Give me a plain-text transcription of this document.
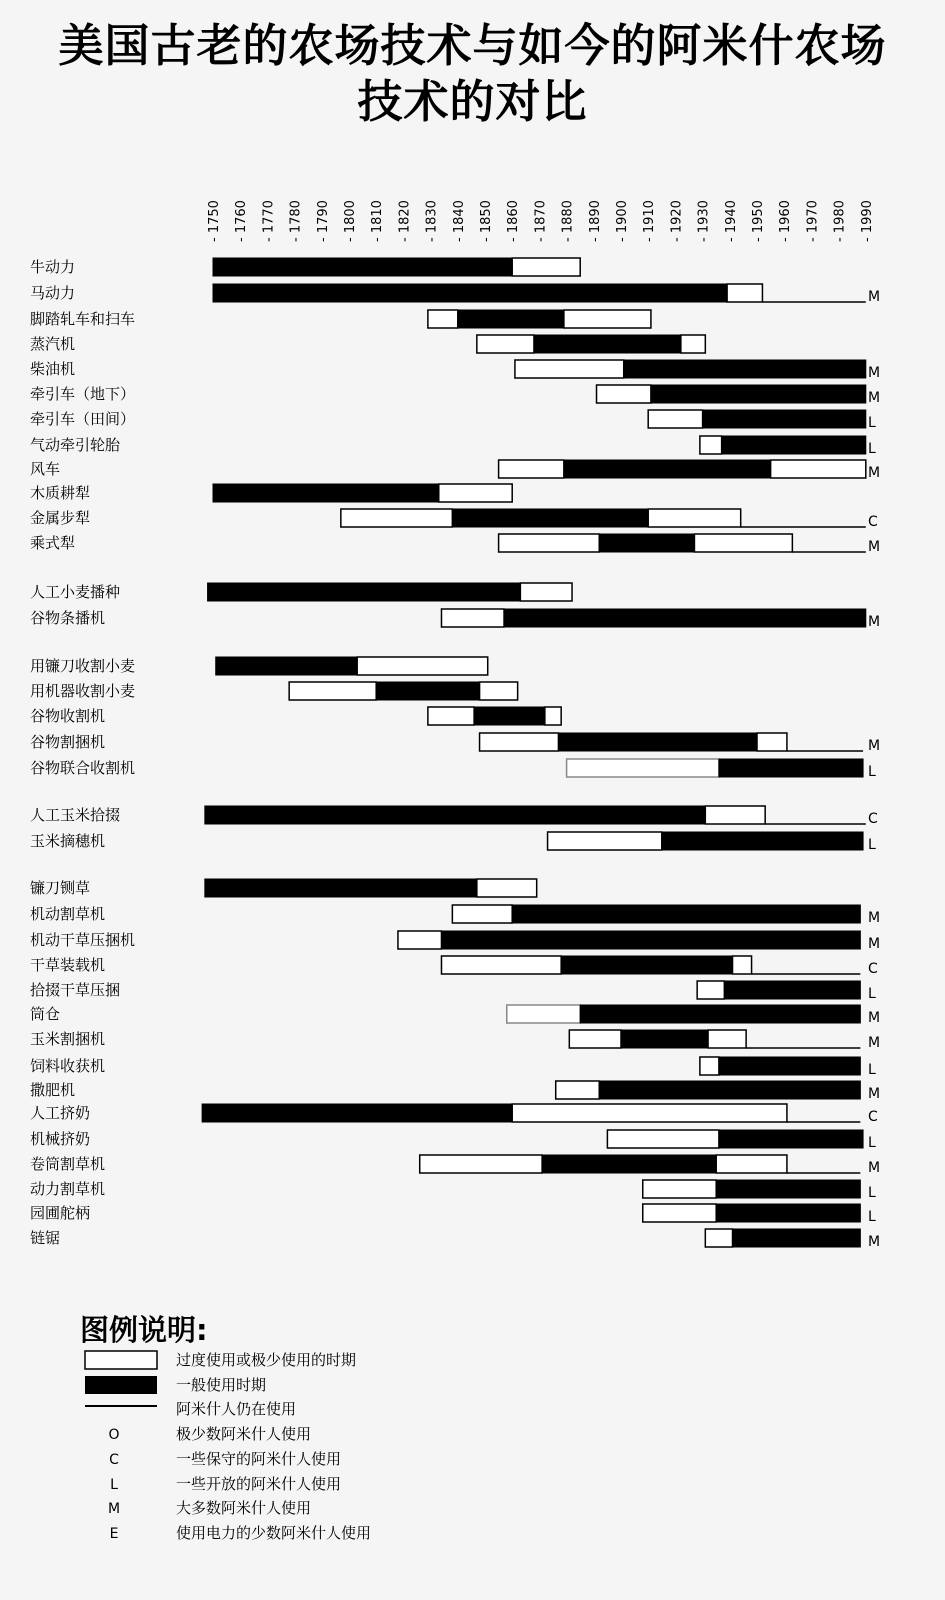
美国古老的农场技术与如今的阿米什农场
技术的对比
- 1750 - 1760 - 1770 - 1780 - 1790 - 1800 - 1810 - 1820 - 1830 - 1840 - 1850 - 1860 - 1870 - 1880 - 1890 - 1900 - 1910 - 1920 - 1930 - 1940 - 1950 - 1960 - 1970 - 1980 - 1990
牛动力
马动力	M
脚踏轧车和扫车
蒸汽机
柴油机	M
牵引车（地下）	M
牵引车（田间）	L
气动牵引轮胎	L
风车	M
木质耕犁
金属步犁	C
乘式犁	M
人工小麦播种
谷物条播机	M
用镰刀收割小麦
用机器收割小麦
谷物收割机
谷物割捆机	M
谷物联合收割机	L
人工玉米拾掇	C
玉米摘穗机	L
镰刀铡草
机动割草机	M
机动干草压捆机	M
干草装载机	C
拾掇干草压捆	L
筒仓	M
玉米割捆机	M
饲料收获机	L
撒肥机	M
人工挤奶	C
机械挤奶	L
卷筒割草机	M
动力割草机	L
园圃舵柄	L
链锯	M
过度使用或极少使用的时期
一般使用时期
阿米什人仍在使用
O	极少数阿米什人使用
C	一些保守的阿米什人使用
L	一些开放的阿米什人使用
M	大多数阿米什人使用
E	使用电力的少数阿米什人使用
图例说明:
